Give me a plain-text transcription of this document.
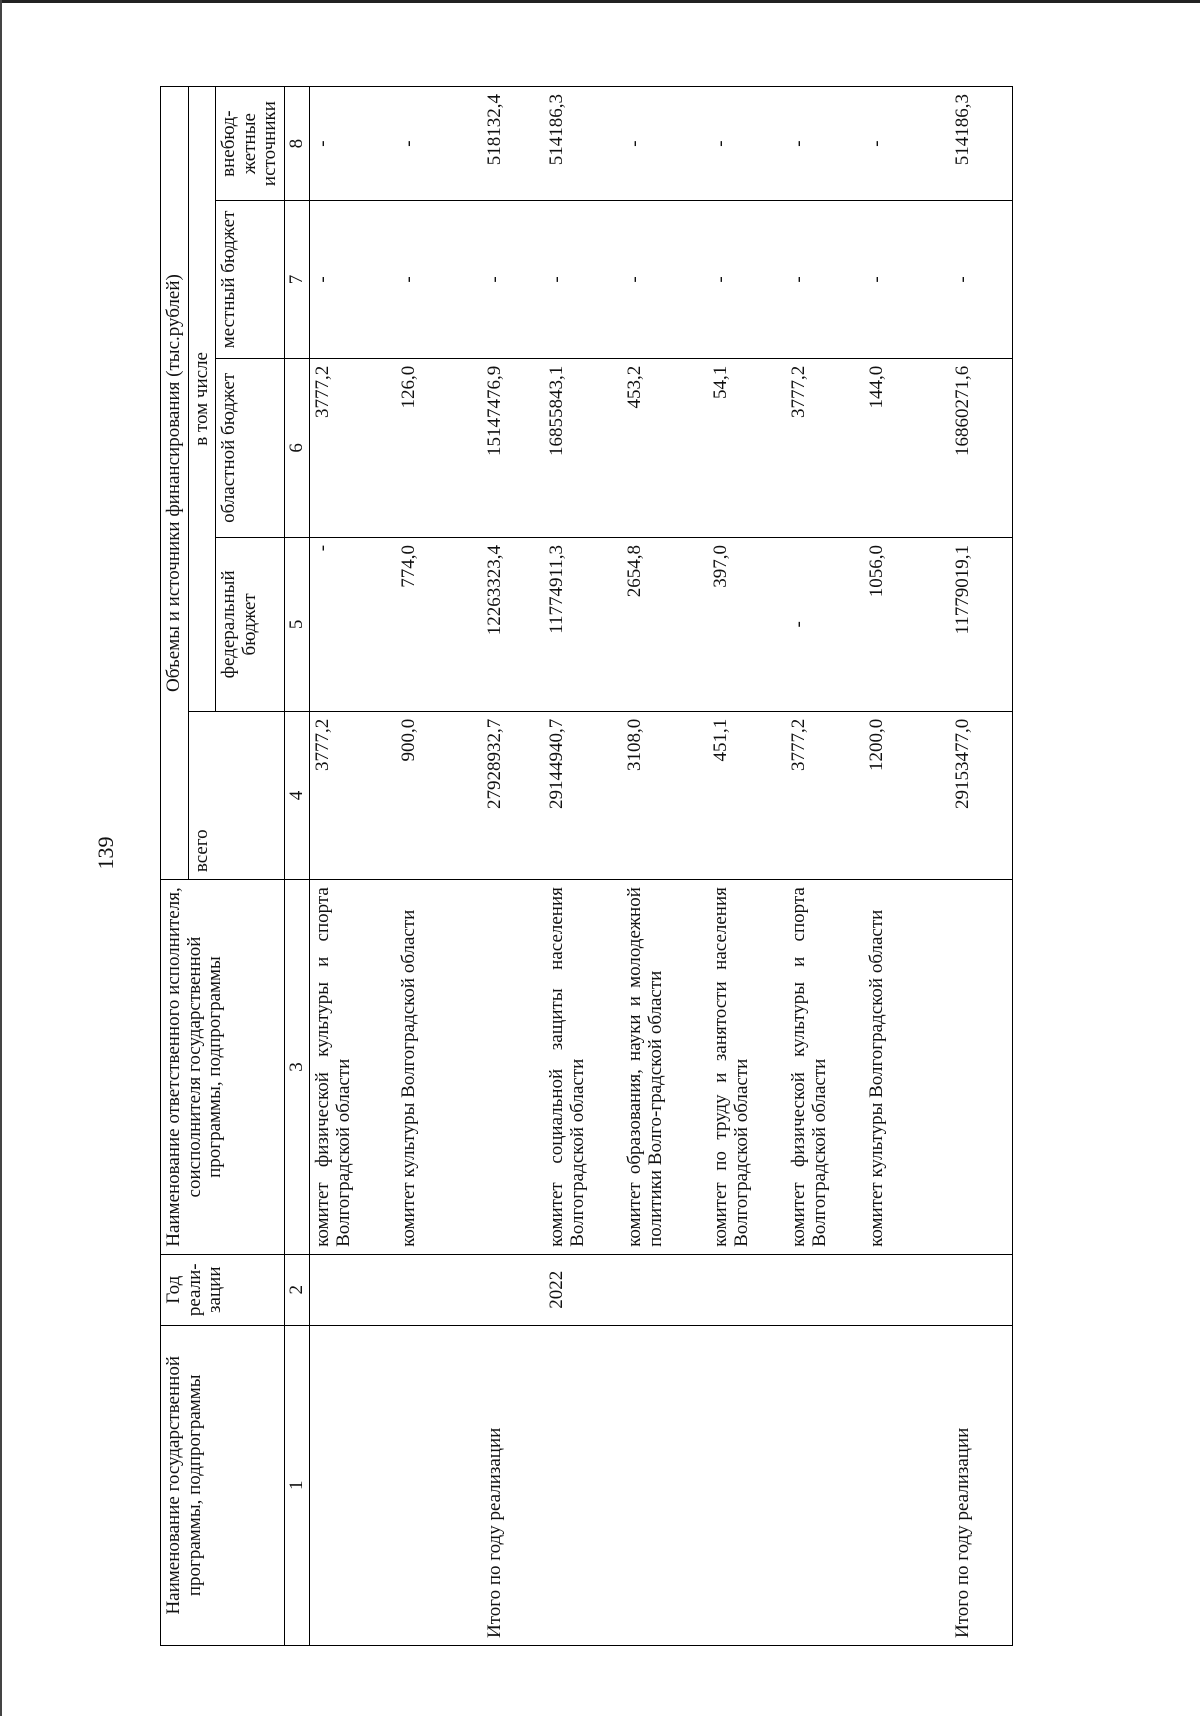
139
Наименование государственной программы, подпрограммы	Год реали-зации	Наименование ответственного исполнителя, соисполнителя государственной программы, подпрограммы	Объемы и источники финансирования (тыс.рублей)				
			всего	в том числе			
				федеральный бюджет	областной бюджет	местный бюджет	внебюд-жетные источники
1	2	3	4	5	6	7	8
		комитет физической культуры и спорта Волгоградской области	3777,2	-	3777,2	-	-
		комитет культуры Волгоградской области	900,0	774,0	126,0	-	-
Итого по году реализации			27928932,7	12263323,4	15147476,9	-	518132,4
	2022	комитет социальной защиты населения Волгоградской области	29144940,7	11774911,3	16855843,1	-	514186,3
		комитет образования, науки и молодежной политики Волго-градской области	3108,0	2654,8	453,2	-	-
		комитет по труду и занятости населения Волгоградской области	451,1	397,0	54,1	-	-
		комитет физической культуры и спорта Волгоградской области	3777,2	-	3777,2	-	-
		комитет культуры Волгоградской области	1200,0	1056,0	144,0	-	-
Итого по году реализации			29153477,0	11779019,1	16860271,6	-	514186,3
